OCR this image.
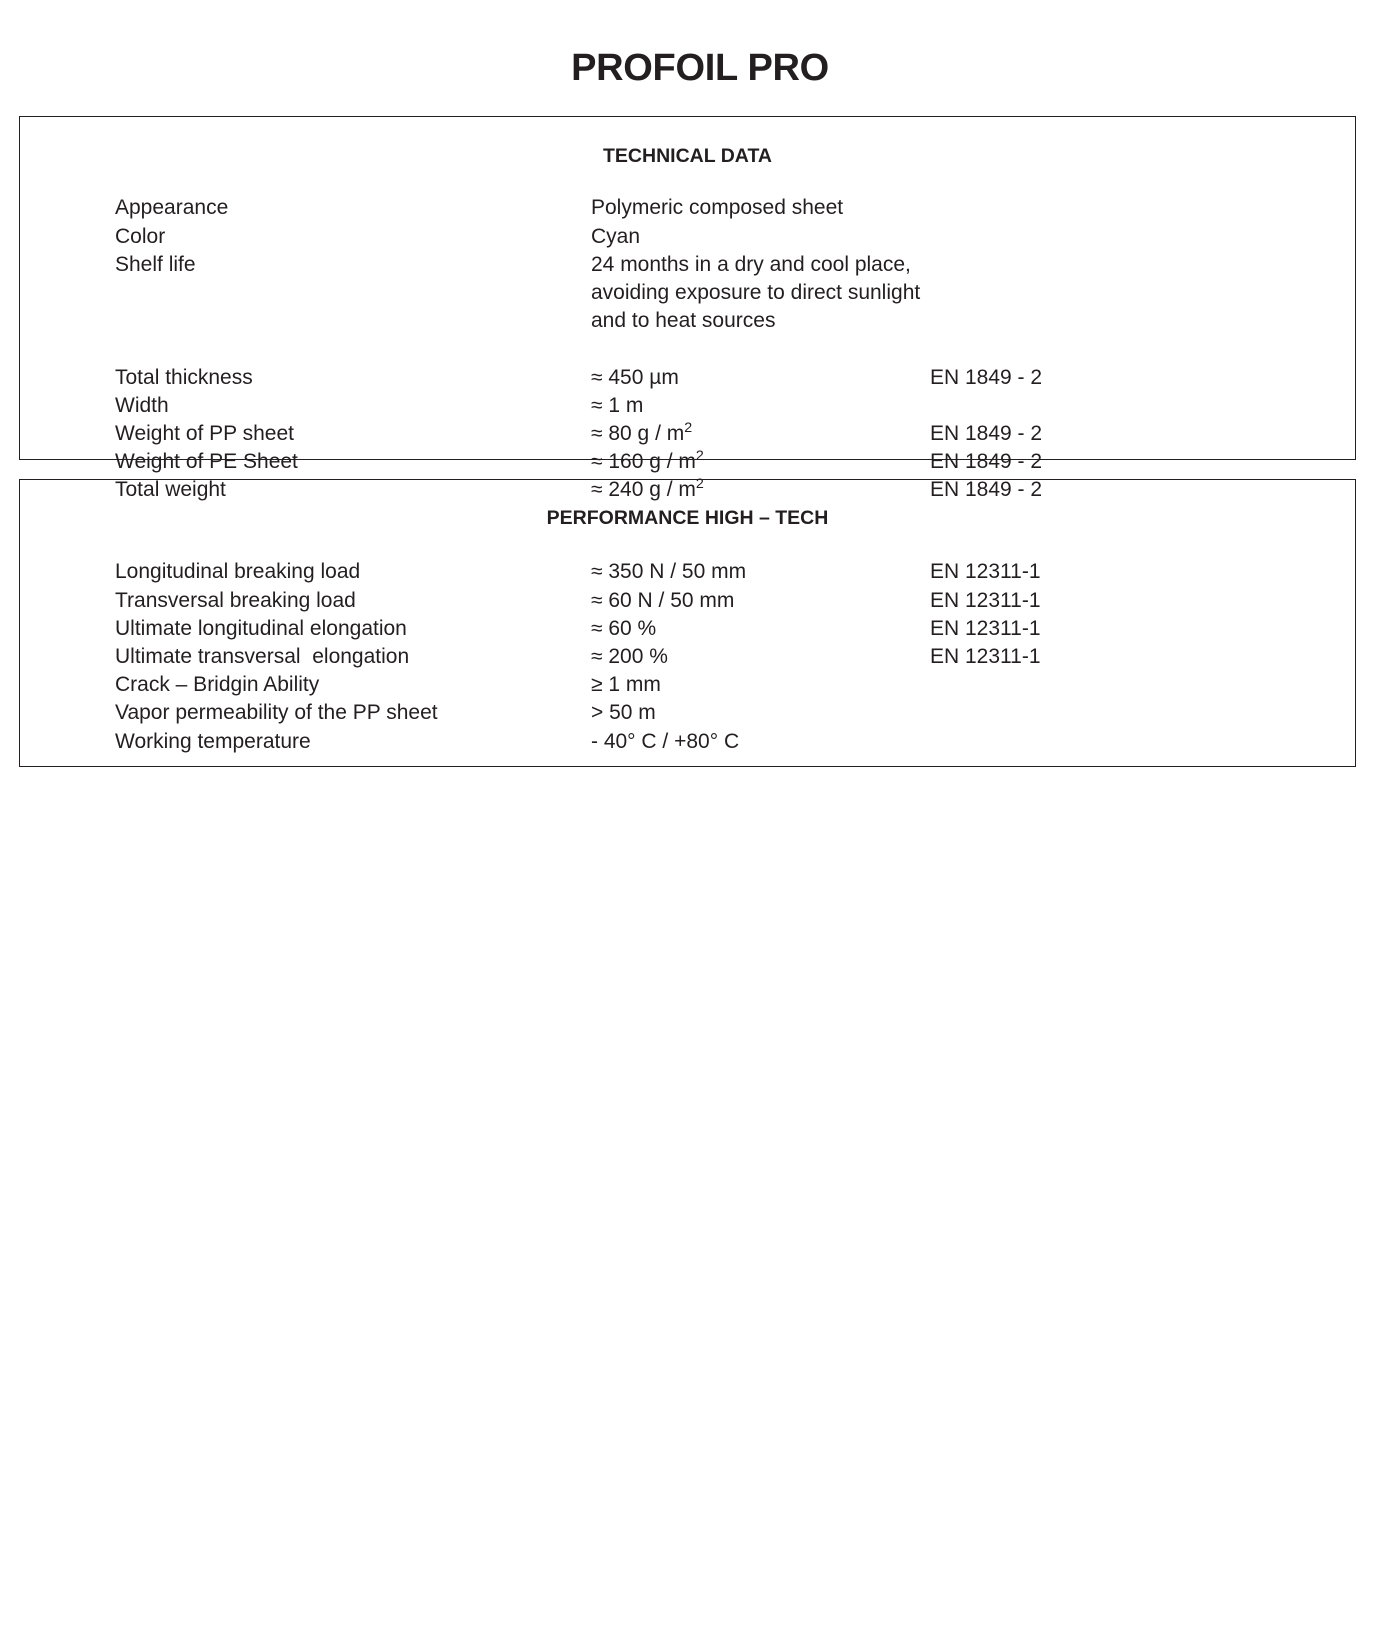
PROFOIL PRO
TECHNICAL DATA
Appearance	Polymeric composed sheet
Color	Cyan
Shelf life	24 months in a dry and cool place, avoiding exposure to direct sunlight and to heat sources
Total thickness	≈ 450 µm	EN 1849 - 2
Width	≈ 1 m
Weight of PP sheet	≈ 80 g / $m^2$	EN 1849 - 2
Weight of PE Sheet	≈ 160 g / $m^2$	EN 1849 - 2
Total weight	≈ 240 g / $m^2$	EN 1849 - 2
PERFORMANCE HIGH – TECH
Longitudinal breaking load	≈ 350 N / 50 mm	EN 12311-1
Transversal breaking load	≈ 60 N / 50 mm	EN 12311-1
Ultimate longitudinal elongation	≈ 60 %	EN 12311-1
Ultimate transversal  elongation	≈ 200 %	EN 12311-1
Crack – Bridgin Ability	≥ 1 mm
Vapor permeability of the PP sheet	> 50 m
Working temperature	- 40° C / +80° C
